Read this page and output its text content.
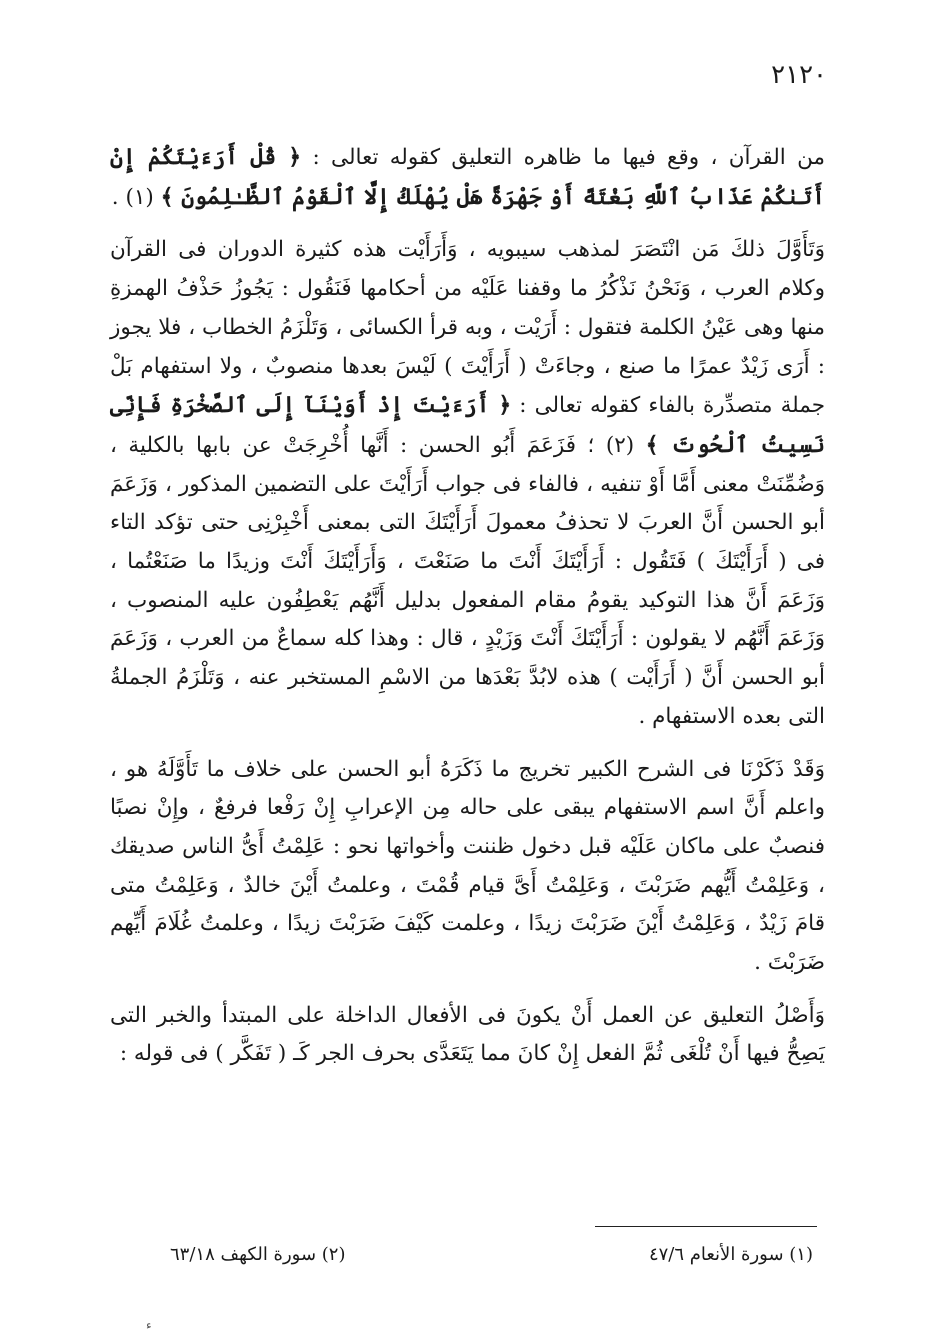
٢١٢٠

من القرآن ، وقع فيها ما ظاهره التعليق كقوله تعالى : ﴿ قُلْ أَرَءَيْتَكُمْ إِنْ أَتَىٰكُمْ عَذَابُ ٱللَّهِ بَغْتَةً أَوْ جَهْرَةً هَلْ يُهْلَكُ إِلَّا ٱلْقَوْمُ ٱلظَّـٰلِمُونَ ﴾ (١) .

وَتَأَوَّلَ ذلكَ مَن انْتَصَرَ لمذهب سيبويه ، وَأَرَأَيْت هذه كثيرة الدوران فى القرآن وكلام العرب ، وَنَحْنُ نَذْكُرُ ما وقفنا عَلَيْه من أحكامها فَنَقُول : يَجُوزُ حَذْفُ الهمزةِ منها وهى عَيْنُ الكلمة فتقول : أَرَيْت ، وبه قرأ الكسائى ، وَتَلْزَمُ الخطاب ، فلا يجوز : أَرَى زَيْدٌ عمرًا ما صنع ، وجاءَتْ ( أَرَأَيْتَ ) لَيْسَ بعدها منصوبٌ ، ولا استفهام بَلْ جملة متصدِّرة بالفاء كقوله تعالى : ﴿ أَرَءَيْتَ إِذْ أَوَيْنَآ إِلَى ٱلصَّخْرَةِ فَإِنِّى نَسِيتُ ٱلْحُوتَ ﴾ (٢) ؛ فَزَعَمَ أَبُو الحسن : أَنَّها أُخْرِجَتْ عن بابها بالكلية ، وَضُمِّنَتْ معنى أَمَّا أَوْ تنفيه ، فالفاء فى جواب أَرَأَيْتَ على التضمين المذكور ، وَزَعَمَ أبو الحسن أَنَّ العربَ لا تحذفُ معمولَ أَرَأَيْتَكَ التى بمعنى أَخْبِرْنِى حتى تؤكد التاء فى ( أَرَأَيْتَكَ ) فَتَقُول : أَرَأَيْتَكَ أَنْتَ ما صَنَعْتَ ، وَأَرَأَيْتَكَ أَنْتَ وزيدًا ما صَنَعْتُما ، وَزَعَمَ أَنَّ هذا التوكيد يقومُ مقام المفعول بدليل أَنَّهُم يَعْطِفُون عليه المنصوب ، وَزَعَمَ أَنَّهُم لا يقولون : أَرَأَيْتَكَ أَنْتَ وَزَيْدٍ ، قال : وهذا كله سماعٌ من العرب ، وَزَعَمَ أبو الحسن أَنَّ ( أَرَأَيْت ) هذه لابُدَّ بَعْدَها من الاسْمِ المستخبر عنه ، وَتَلْزَمُ الجملةُ التى بعده الاستفهام .

وَقَدْ ذَكَرْنَا فى الشرح الكبير تخريج ما ذَكَرَهُ أبو الحسن على خلاف ما تَأَوَّلَهُ هو ، واعلم أَنَّ اسم الاستفهام يبقى على حاله مِن الإعرابِ إِنْ رَفْعا فرفعٌ ، وإِنْ نصبًا فنصبٌ على ماكان عَلَيْه قبل دخول ظننت وأخواتها نحو : عَلِمْتُ أَىُّ الناس صديقك ، وَعَلِمْتُ أَيُّهم ضَرَبْتَ ، وَعَلِمْتُ أَىَّ قيام قُمْتَ ، وعلمتُ أَيْنَ خالدٌ ، وَعَلِمْتُ متى قامَ زَيْدٌ ، وَعَلِمْتُ أَيْنَ ضَرَبْتَ زيدًا ، وعلمت كَيْفَ ضَرَبْتَ زيدًا ، وعلمتُ غُلَامَ أَيِّهم ضَرَبْتَ .

وَأَصْلُ التعليق عن العمل أَنْ يكونَ فى الأفعال الداخلة على المبتدأ والخبر التى يَصِحُّ فيها أَنْ تُلْغَى ثُمَّ الفعل إِنْ كانَ مما يَتَعَدَّى بحرف الجر كَـ ( تَفَكَّر ) فى قوله :

(١) سورة الأنعام ٤٧/٦
(٢) سورة الكهف ٦٣/١٨
ء
